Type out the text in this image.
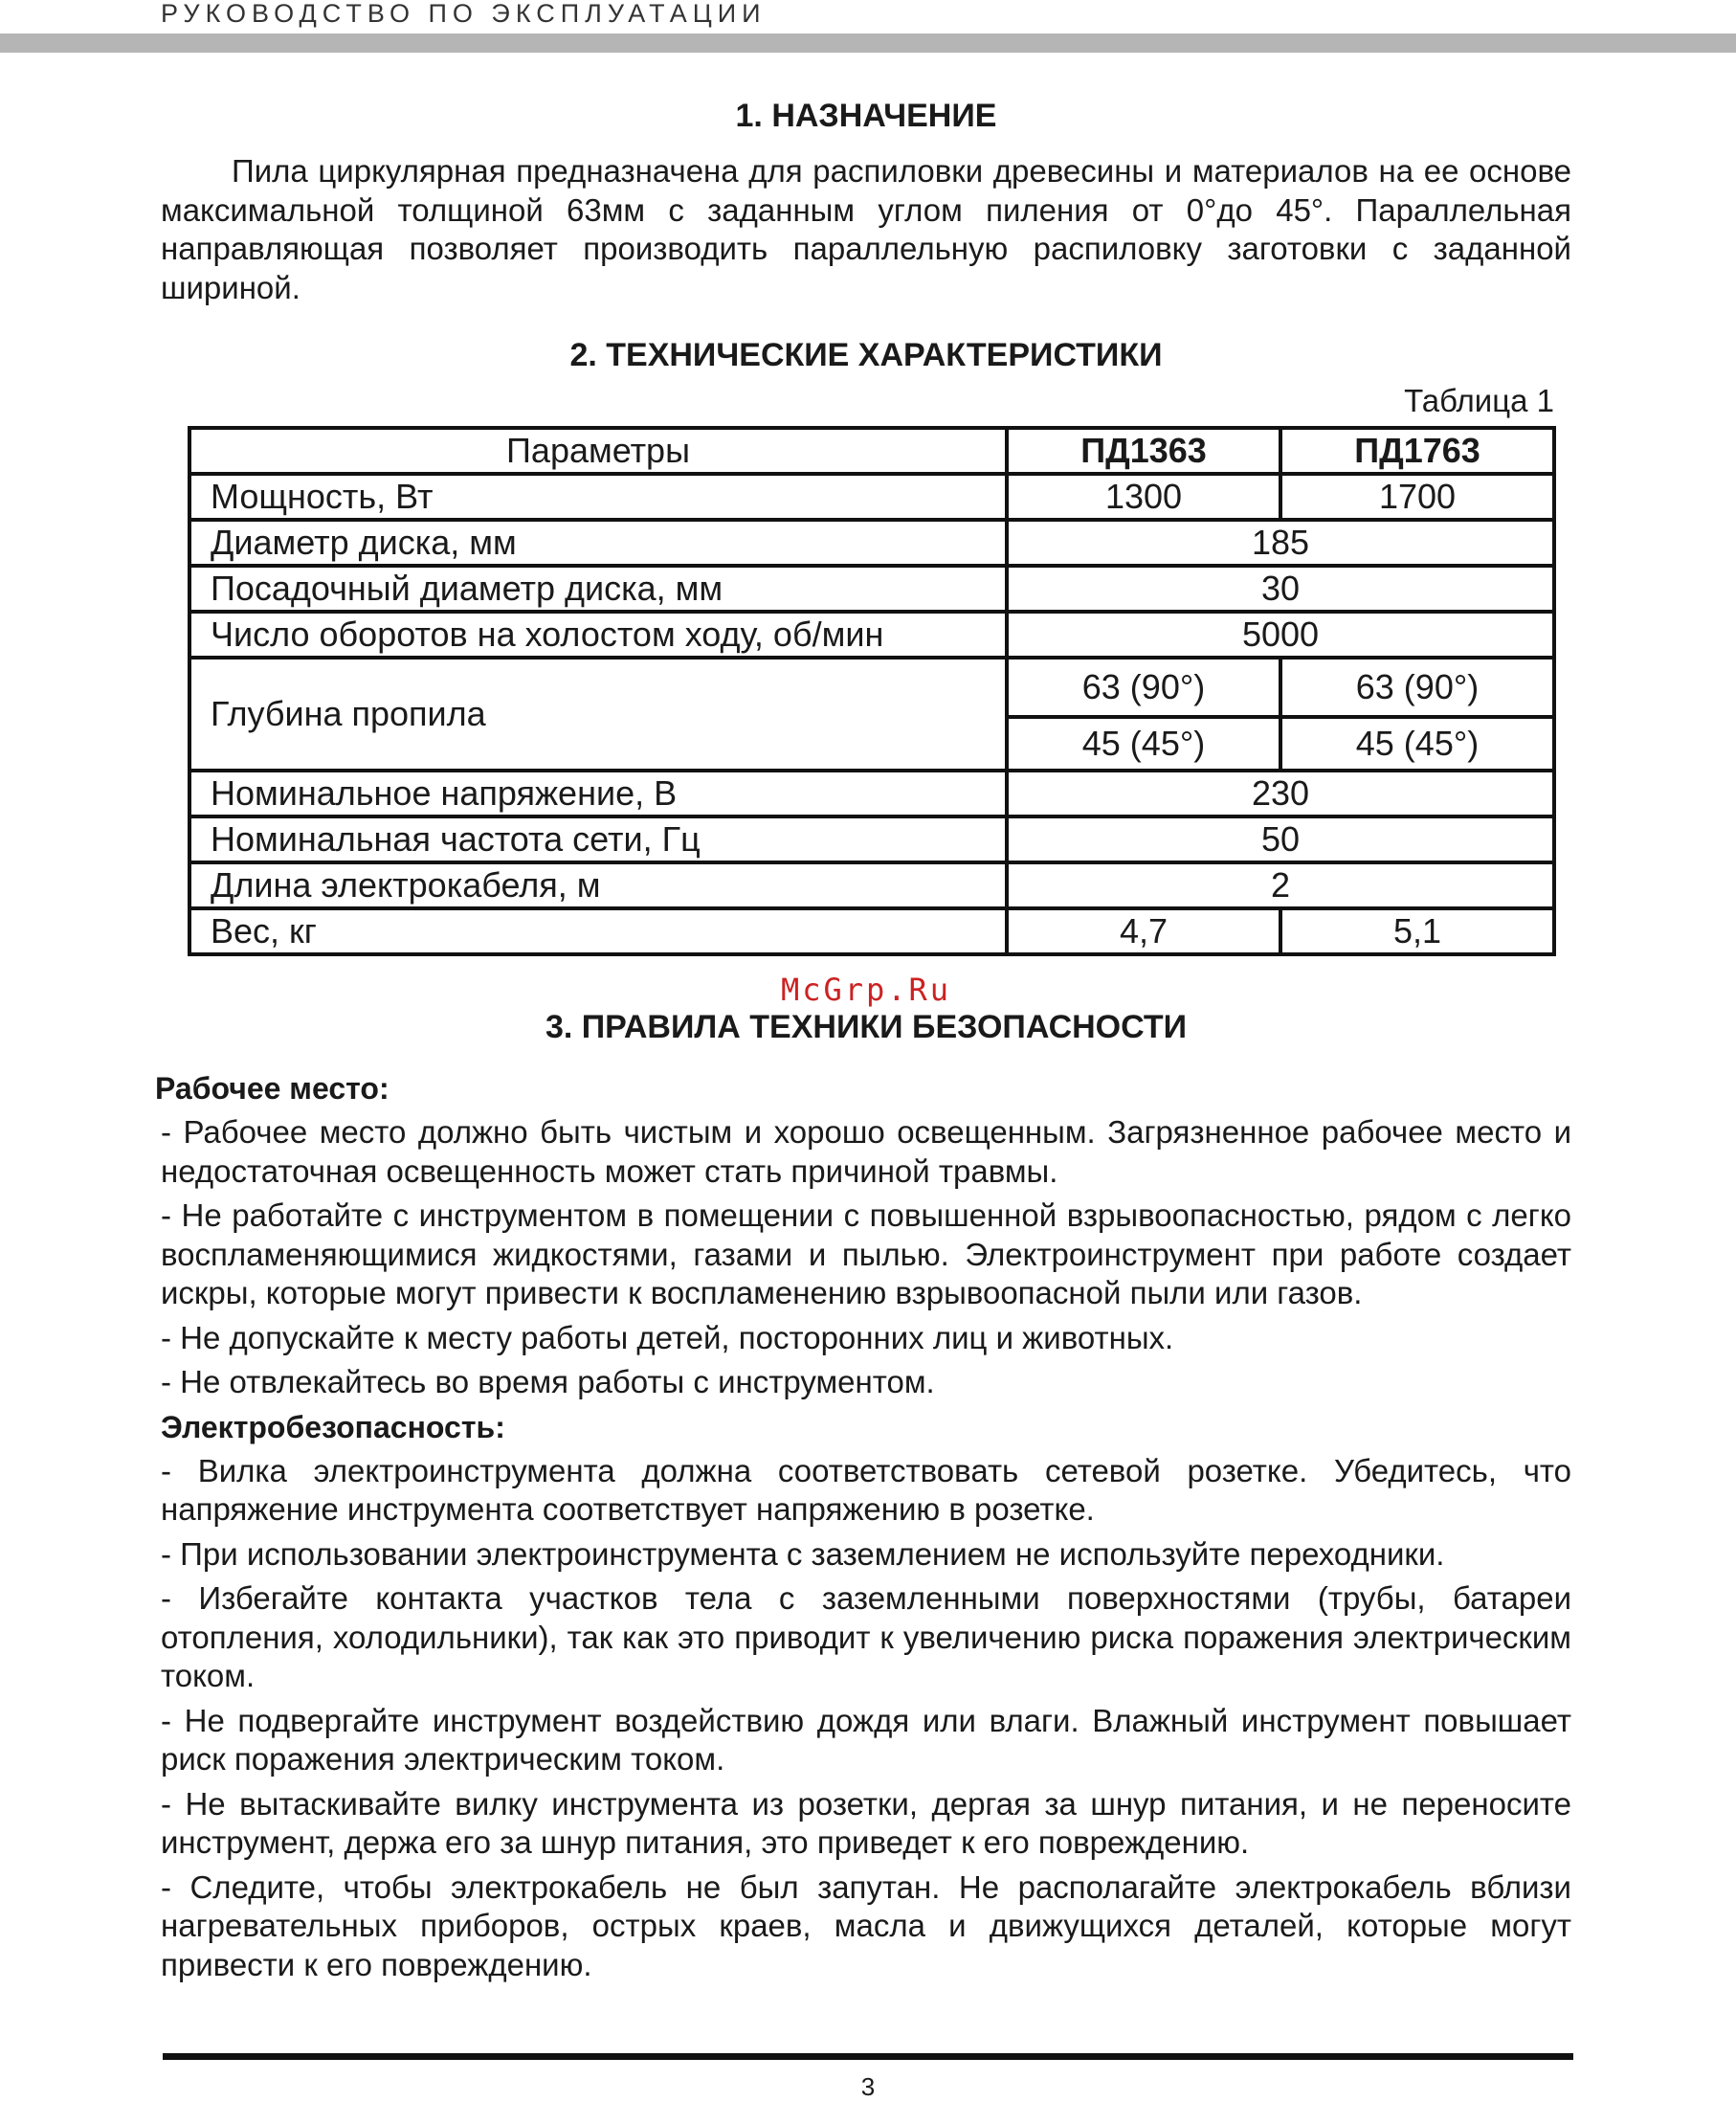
РУКОВОДСТВО ПО ЭКСПЛУАТАЦИИ
1. НАЗНАЧЕНИЕ

Пила циркулярная предназначена для распиловки древесины и материалов на ее основе максимальной толщиной 63мм с заданным углом пиления от 0°до 45°. Параллельная направляющая позволяет производить параллельную распиловку заготовки с заданной шириной.

2. ТЕХНИЧЕСКИЕ ХАРАКТЕРИСТИКИ

Таблица 1

Параметры	ПД1363	ПД1763
Мощность, Вт	1300	1700
Диаметр диска, мм	185	
Посадочный диаметр диска, мм	30	
Число оборотов на холостом ходу, об/мин	5000	
Глубина пропила	63 (90°)	63 (90°)
	45 (45°)	45 (45°)
Номинальное напряжение, В	230	
Номинальная частота сети, Гц	50	
Длина электрокабеля, м	2	
Вес, кг	4,7	5,1
McGrp.Ru
3. ПРАВИЛА ТЕХНИКИ БЕЗОПАСНОСТИ
Рабочее место:

- Рабочее место должно быть чистым и хорошо освещенным. Загрязненное рабочее место и недостаточная освещенность может стать причиной травмы.

- Не работайте с инструментом в помещении с повышенной взрывоопасностью, рядом с легко воспламеняющимися жидкостями, газами и пылью. Электроинструмент при работе создает искры, которые могут привести к воспламенению взрывоопасной пыли или газов.

- Не допускайте к месту работы детей, посторонних лиц и животных.

- Не отвлекайтесь во время работы с инструментом.

Электробезопасность:

- Вилка электроинструмента должна соответствовать сетевой розетке. Убедитесь, что напряжение инструмента соответствует напряжению в розетке.

- При использовании электроинструмента с заземлением не используйте переходники.

- Избегайте контакта участков тела с заземленными поверхностями (трубы, батареи отопления, холодильники), так как это приводит к увеличению риска поражения электрическим током.

- Не подвергайте инструмент воздействию дождя или влаги. Влажный инструмент повышает риск поражения электрическим током.

- Не вытаскивайте вилку инструмента из розетки, дергая за шнур питания, и не переносите инструмент, держа его за шнур питания, это приведет к его повреждению.

- Следите, чтобы электрокабель не был запутан. Не располагайте электрокабель вблизи нагревательных приборов, острых краев, масла и движущихся деталей, которые могут привести к его повреждению.

3
